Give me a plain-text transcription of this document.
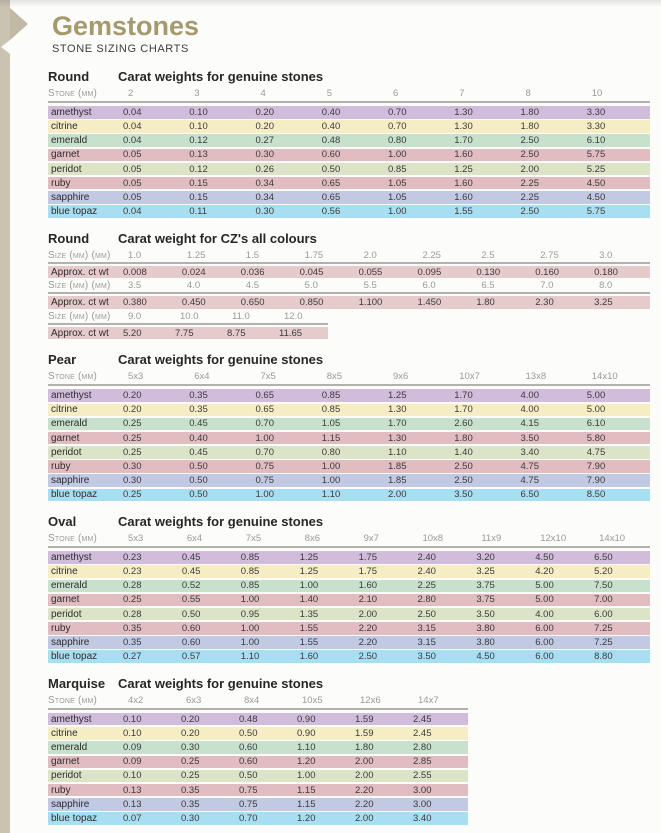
Gemstones
STONE SIZING CHARTS
Round	Carat weights for genuine stones
Stone (mm)	2	3	4	5	6	7	8	10
amethyst	0.04	0.10	0.20	0.40	0.70	1.30	1.80	3.30
citrine	0.04	0.10	0.20	0.40	0.70	1.30	1.80	3.30
emerald	0.04	0.12	0.27	0.48	0.80	1.70	2.50	6.10
garnet	0.05	0.13	0.30	0.60	1.00	1.60	2.50	5.75
peridot	0.05	0.12	0.26	0.50	0.85	1.25	2.00	5.25
ruby	0.05	0.15	0.34	0.65	1.05	1.60	2.25	4.50
sapphire	0.05	0.15	0.34	0.65	1.05	1.60	2.25	4.50
blue topaz	0.04	0.11	0.30	0.56	1.00	1.55	2.50	5.75
Round	Carat weight for CZ's all colours
Size (mm) (mm)	1.0	1.25	1.5	1.75	2.0	2.25	2.5	2.75	3.0
Approx. ct wt	0.008	0.024	0.036	0.045	0.055	0.095	0.130	0.160	0.180
Size (mm) (mm)	3.5	4.0	4.5	5.0	5.5	6.0	6.5	7.0	8.0
Approx. ct wt	0.380	0.450	0.650	0.850	1.100	1.450	1.80	2.30	3.25
Size (mm) (mm)	9.0	10.0	11.0	12.0
Approx. ct wt	5.20	7.75	8.75	11.65
Pear	Carat weights for genuine stones
Stone (mm)	5x3	6x4	7x5	8x5	9x6	10x7	13x8	14x10
amethyst	0.20	0.35	0.65	0.85	1.25	1.70	4.00	5.00
citrine	0.20	0.35	0.65	0.85	1.30	1.70	4.00	5.00
emerald	0.25	0.45	0.70	1.05	1.70	2.60	4.15	6.10
garnet	0.25	0.40	1.00	1.15	1.30	1.80	3.50	5.80
peridot	0.25	0.45	0.70	0.80	1.10	1.40	3.40	4.75
ruby	0.30	0.50	0.75	1.00	1.85	2.50	4.75	7.90
sapphire	0.30	0.50	0.75	1.00	1.85	2.50	4.75	7.90
blue topaz	0.25	0.50	1.00	1.10	2.00	3.50	6.50	8.50
Oval	Carat weights for genuine stones
Stone (mm)	5x3	6x4	7x5	8x6	9x7	10x8	11x9	12x10	14x10
amethyst	0.23	0.45	0.85	1.25	1.75	2.40	3.20	4.50	6.50
citrine	0.23	0.45	0.85	1.25	1.75	2.40	3.25	4.20	5.20
emerald	0.28	0.52	0.85	1.00	1.60	2.25	3.75	5.00	7.50
garnet	0.25	0.55	1.00	1.40	2.10	2.80	3.75	5.00	7.00
peridot	0.28	0.50	0.95	1.35	2.00	2.50	3.50	4.00	6.00
ruby	0.35	0.60	1.00	1.55	2.20	3.15	3.80	6.00	7.25
sapphire	0.35	0.60	1.00	1.55	2.20	3.15	3.80	6.00	7.25
blue topaz	0.27	0.57	1.10	1.60	2.50	3.50	4.50	6.00	8.80
Marquise Carat weights for genuine stones
Stone (mm)	4x2	6x3	8x4	10x5	12x6	14x7
amethyst	0.10	0.20	0.48	0.90	1.59	2.45
citrine	0.10	0.20	0.50	0.90	1.59	2.45
emerald	0.09	0.30	0.60	1.10	1.80	2.80
garnet	0.09	0.25	0.60	1.20	2.00	2.85
peridot	0.10	0.25	0.50	1.00	2.00	2.55
ruby	0.13	0.35	0.75	1.15	2.20	3.00
sapphire	0.13	0.35	0.75	1.15	2.20	3.00
blue topaz	0.07	0.30	0.70	1.20	2.00	3.40
